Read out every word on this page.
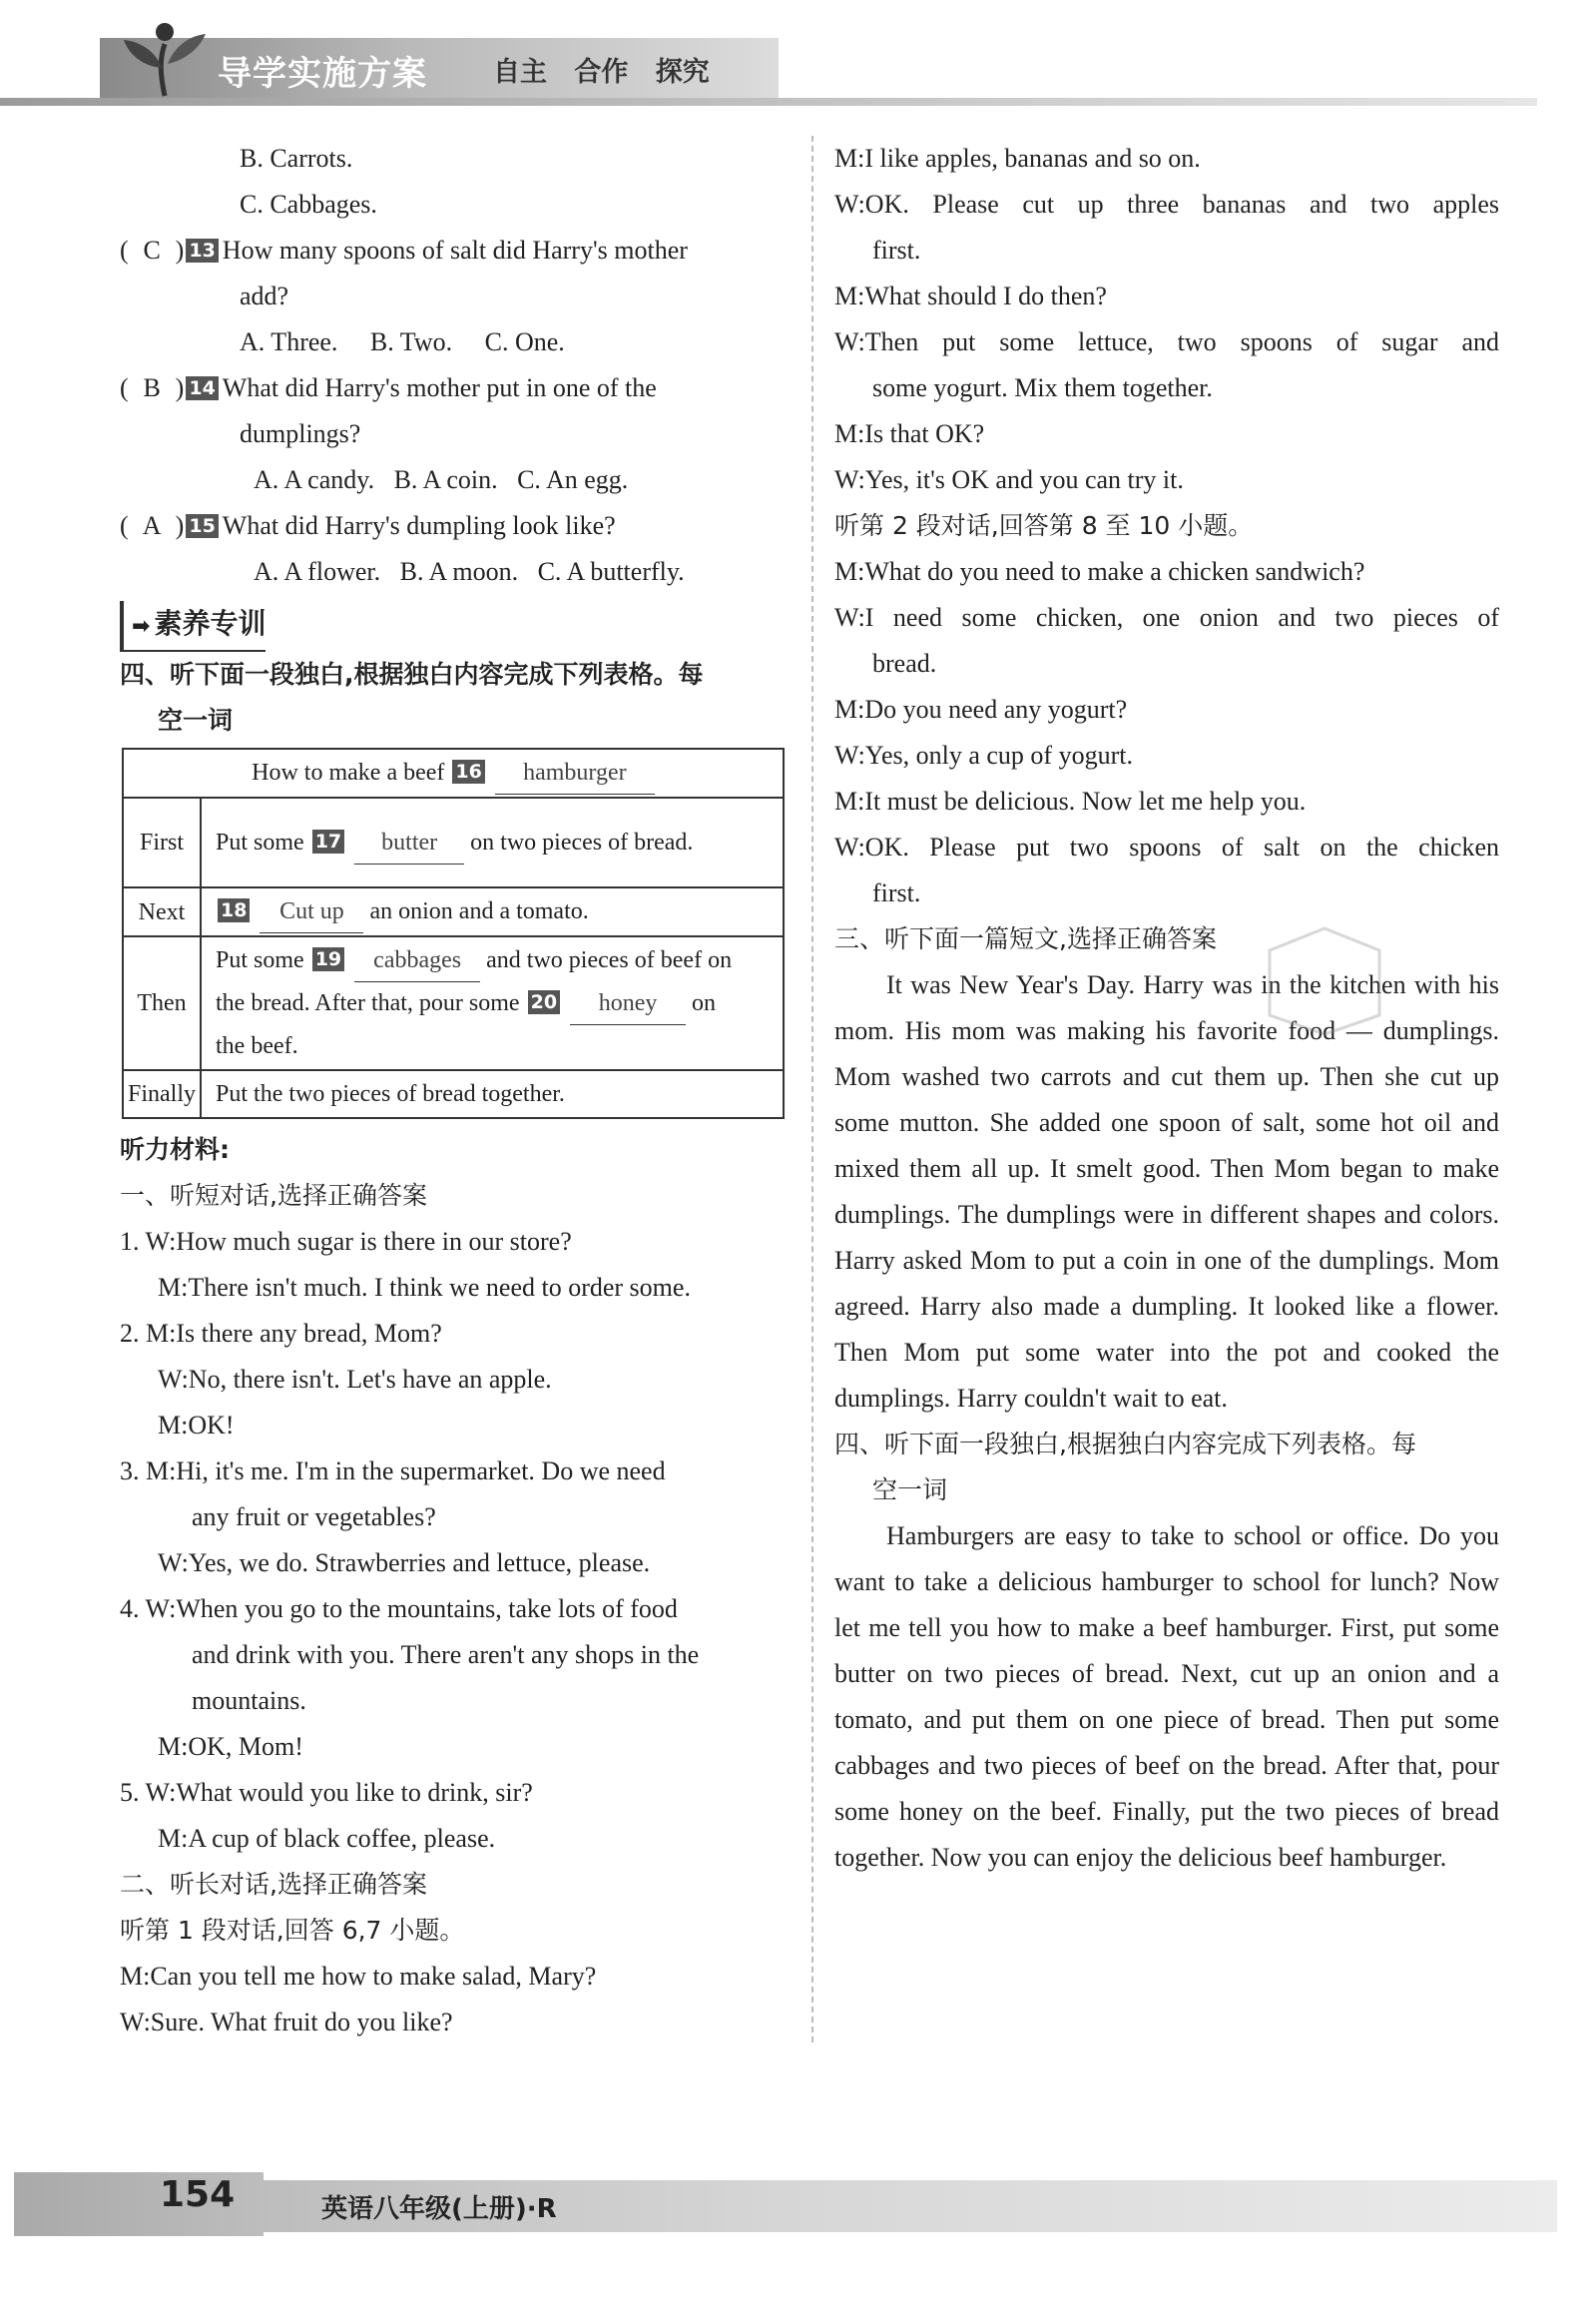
导学实施方案 自主 合作 探究
B. Carrots.
C. Cabbages.
( C ) 13 How many spoons of salt did Harry's mother
add?
A. Three.     B. Two.     C. One.
( B ) 14 What did Harry's mother put in one of the
dumplings?
A. A candy.   B. A coin.   C. An egg.
( A ) 15 What did Harry's dumpling look like?
A. A flower.   B. A moon.   C. A butterfly.
➡ 素养专训
四、听下面一段独白,根据独白内容完成下列表格。每
空一词
How to make a beef 16 hamburger	
First	Put some 17 butter on two pieces of bread.
Next	18 Cut up an onion and a tomato.
Then	Put some 19 cabbages and two pieces of beef on
the bread. After that, pour some 20 honey on
the beef.

Finally	Put the two pieces of bread together.
听力材料:
一、听短对话,选择正确答案
1. W:How much sugar is there in our store?
M:There isn't much. I think we need to order some.
2. M:Is there any bread, Mom?
W:No, there isn't. Let's have an apple.
M:OK!
3. M:Hi, it's me. I'm in the supermarket. Do we need
any fruit or vegetables?
W:Yes, we do. Strawberries and lettuce, please.
4. W:When you go to the mountains, take lots of food
and drink with you. There aren't any shops in the
mountains.
M:OK, Mom!
5. W:What would you like to drink, sir?
M:A cup of black coffee, please.
二、听长对话,选择正确答案
听第 1 段对话,回答 6,7 小题。
M:Can you tell me how to make salad, Mary?
W:Sure. What fruit do you like?
M:I like apples, bananas and so on.
W:OK. Please cut up three bananas and two apples
first.
M:What should I do then?
W:Then put some lettuce, two spoons of sugar and
some yogurt. Mix them together.
M:Is that OK?
W:Yes, it's OK and you can try it.
听第 2 段对话,回答第 8 至 10 小题。
M:What do you need to make a chicken sandwich?
W:I need some chicken, one onion and two pieces of
bread.
M:Do you need any yogurt?
W:Yes, only a cup of yogurt.
M:It must be delicious. Now let me help you.
W:OK. Please put two spoons of salt on the chicken
first.
三、听下面一篇短文,选择正确答案
It was New Year's Day. Harry was in the kitchen with his mom. His mom was making his favorite food — dumplings. Mom washed two carrots and cut them up. Then she cut up some mutton. She added one spoon of salt, some hot oil and mixed them all up. It smelt good. Then Mom began to make dumplings. The dumplings were in different shapes and colors. Harry asked Mom to put a coin in one of the dumplings. Mom agreed. Harry also made a dumpling. It looked like a flower. Then Mom put some water into the pot and cooked the dumplings. Harry couldn't wait to eat.
四、听下面一段独白,根据独白内容完成下列表格。每
空一词
Hamburgers are easy to take to school or office. Do you want to take a delicious hamburger to school for lunch? Now let me tell you how to make a beef hamburger. First, put some butter on two pieces of bread. Next, cut up an onion and a tomato, and put them on one piece of bread. Then put some cabbages and two pieces of beef on the bread. After that, pour some honey on the beef. Finally, put the two pieces of bread together. Now you can enjoy the delicious beef hamburger.
154	英语八年级(上册)·R
